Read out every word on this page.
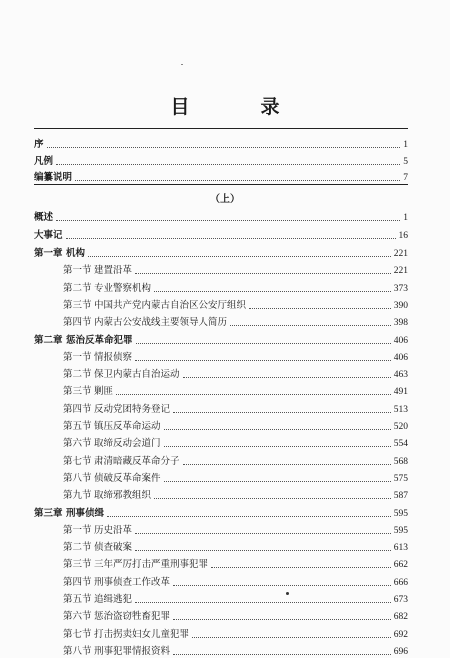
目　录
（上）
序	1
凡例	5
编纂说明	7
概述	1
大事记	16
第一章 机构	221
第一节 建置沿革	221
第二节 专业警察机构	373
第三节 中国共产党内蒙古自治区公安厅组织	390
第四节 内蒙古公安战线主要领导人简历	398
第二章 惩治反革命犯罪	406
第一节 情报侦察	406
第二节 保卫内蒙古自治运动	463
第三节 剿匪	491
第四节 反动党团特务登记	513
第五节 镇压反革命运动	520
第六节 取缔反动会道门	554
第七节 肃清暗藏反革命分子	568
第八节 侦破反革命案件	575
第九节 取缔邪教组织	587
第三章 刑事侦缉	595
第一节 历史沿革	595
第二节 侦查破案	613
第三节 三年严厉打击严重刑事犯罪	662
第四节 刑事侦查工作改革	666
第五节 追缉逃犯	673
第六节 惩治盗窃牲畜犯罪	682
第七节 打击拐卖妇女儿童犯罪	692
第八节 刑事犯罪情报资料	696
